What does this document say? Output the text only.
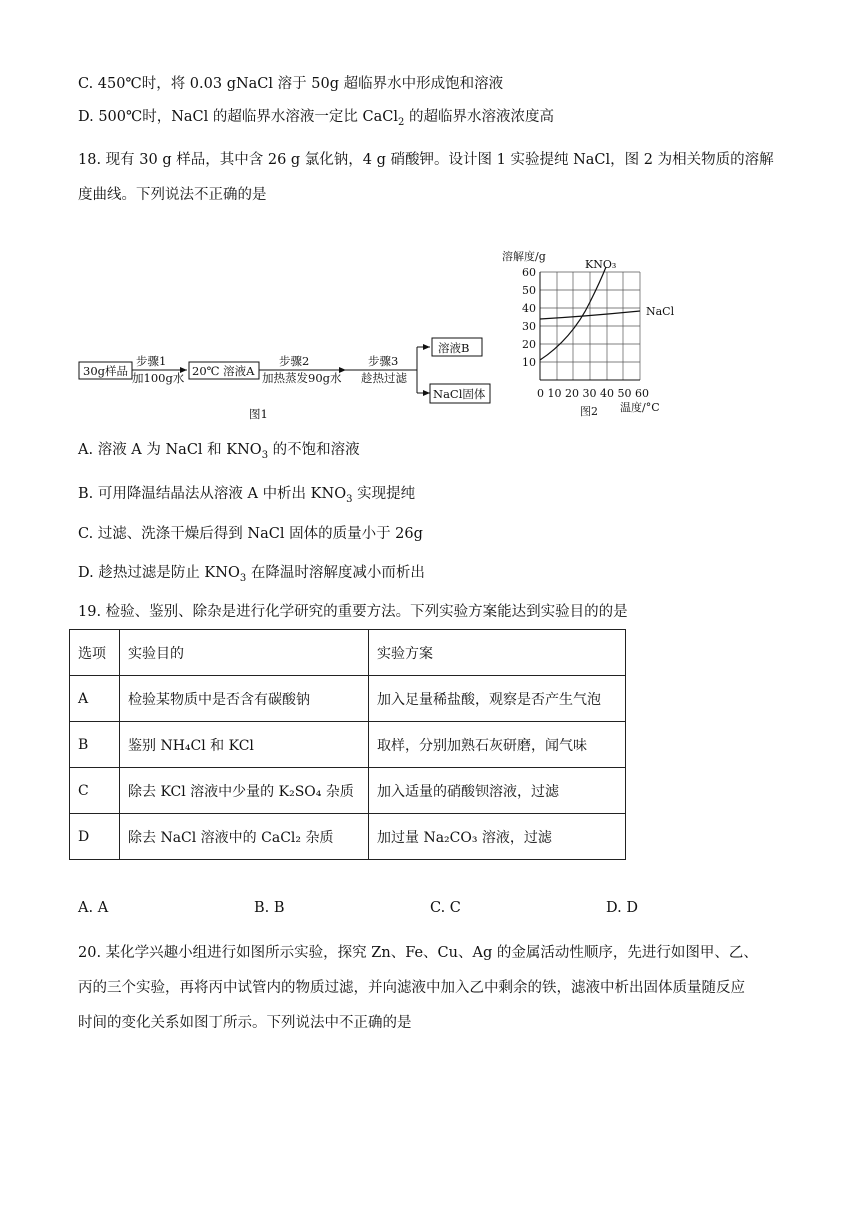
C. 450℃时，将 0.03 gNaCl 溶于 50g 超临界水中形成饱和溶液
D. 500℃时，NaCl 的超临界水溶液一定比 CaCl$_2$ 的超临界水溶液浓度高
18. 现有 30 g 样品，其中含 26 g 氯化钠，4 g 硝酸钾。设计图 1 实验提纯 NaCl，图 2 为相关物质的溶解
度曲线。下列说法不正确的是
30g样品
步骤1
加100g水 20℃ 溶液A
步骤2
加热蒸发90g水
步骤3
趁热过滤
溶液B
NaCl固体
图1
溶解度/g
KNO₃
NaCl
60
50
40
30
20
10
0 10 20 30 40 50 60
图2 温度/°C
A. 溶液 A 为 NaCl 和 $KNO_3$ 的不饱和溶液
B. 可用降温结晶法从溶液 A 中析出 $KNO_3$ 实现提纯
C. 过滤、洗涤干燥后得到 NaCl 固体的质量小于 26g
D. 趁热过滤是防止 $KNO_3$ 在降温时溶解度减小而析出
19. 检验、鉴别、除杂是进行化学研究的重要方法。下列实验方案能达到实验目的的是
选项	实验目的	实验方案
A	检验某物质中是否含有碳酸钠	加入足量稀盐酸，观察是否产生气泡
B	鉴别 NH₄Cl 和 KCl	取样，分别加熟石灰研磨，闻气味
C	除去 KCl 溶液中少量的 K₂SO₄ 杂质	加入适量的硝酸钡溶液，过滤
D	除去 NaCl 溶液中的 CaCl₂ 杂质	加过量 Na₂CO₃ 溶液，过滤
A. A	B. B	C. C	D. D
20. 某化学兴趣小组进行如图所示实验，探究 Zn、Fe、Cu、Ag 的金属活动性顺序，先进行如图甲、乙、
丙的三个实验，再将丙中试管内的物质过滤，并向滤液中加入乙中剩余的铁，滤液中析出固体质量随反应
时间的变化关系如图丁所示。下列说法中不正确的是
